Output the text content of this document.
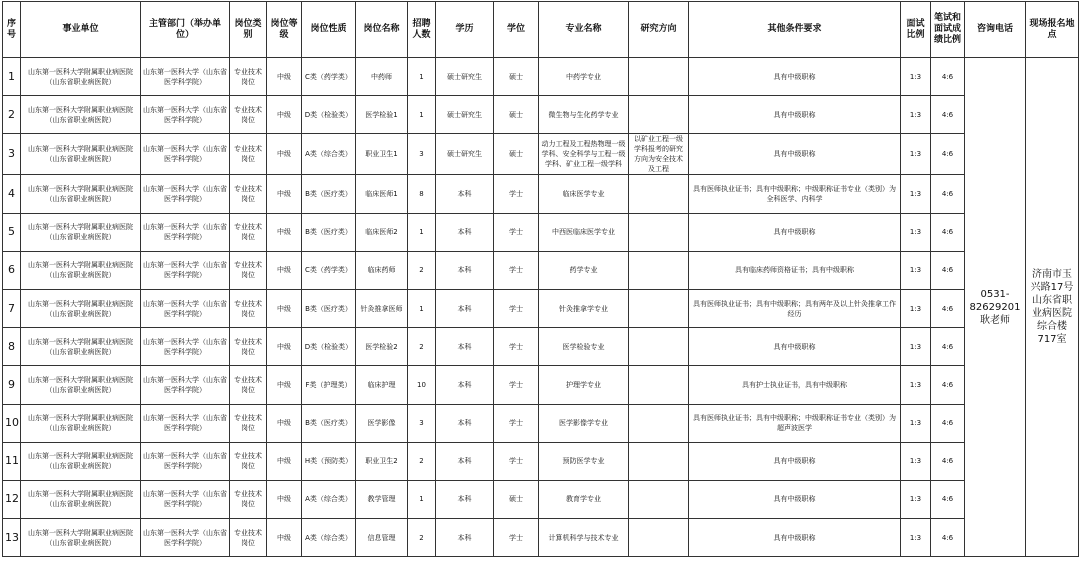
序号	事业单位	主管部门（举办单位）	岗位类别	岗位等级	岗位性质	岗位名称	招聘人数	学历	学位	专业名称	研究方向	其他条件要求	面试比例	笔试和面试成绩比例	咨询电话	现场报名地点
1	山东第一医科大学附属职业病医院（山东省职业病医院）	山东第一医科大学（山东省医学科学院）	专业技术岗位	中级	C类（药学类）	中药师	1	硕士研究生	硕士	中药学专业		具有中级职称	1:3	4:6	0531-82629201 耿老师	济南市玉兴路17号山东省职业病医院综合楼717室
2	山东第一医科大学附属职业病医院（山东省职业病医院）	山东第一医科大学（山东省医学科学院）	专业技术岗位	中级	D类（检验类）	医学检验1	1	硕士研究生	硕士	微生物与生化药学专业		具有中级职称	1:3	4:6		
3	山东第一医科大学附属职业病医院（山东省职业病医院）	山东第一医科大学（山东省医学科学院）	专业技术岗位	中级	A类（综合类）	职业卫生1	3	硕士研究生	硕士	动力工程及工程热物理一级学科、安全科学与工程一级学科、矿业工程一级学科	以矿业工程一级学科报考的研究方向为安全技术及工程	具有中级职称	1:3	4:6		
4	山东第一医科大学附属职业病医院（山东省职业病医院）	山东第一医科大学（山东省医学科学院）	专业技术岗位	中级	B类（医疗类）	临床医师1	8	本科	学士	临床医学专业		具有医师执业证书；具有中级职称；中级职称证书专业（类别）为全科医学、内科学	1:3	4:6		
5	山东第一医科大学附属职业病医院（山东省职业病医院）	山东第一医科大学（山东省医学科学院）	专业技术岗位	中级	B类（医疗类）	临床医师2	1	本科	学士	中西医临床医学专业		具有中级职称	1:3	4:6		
6	山东第一医科大学附属职业病医院（山东省职业病医院）	山东第一医科大学（山东省医学科学院）	专业技术岗位	中级	C类（药学类）	临床药师	2	本科	学士	药学专业		具有临床药师资格证书；具有中级职称	1:3	4:6		
7	山东第一医科大学附属职业病医院（山东省职业病医院）	山东第一医科大学（山东省医学科学院）	专业技术岗位	中级	B类（医疗类）	针灸推拿医师	1	本科	学士	针灸推拿学专业		具有医师执业证书；具有中级职称；具有两年及以上针灸推拿工作经历	1:3	4:6		
8	山东第一医科大学附属职业病医院（山东省职业病医院）	山东第一医科大学（山东省医学科学院）	专业技术岗位	中级	D类（检验类）	医学检验2	2	本科	学士	医学检验专业		具有中级职称	1:3	4:6		
9	山东第一医科大学附属职业病医院（山东省职业病医院）	山东第一医科大学（山东省医学科学院）	专业技术岗位	中级	F类（护理类）	临床护理	10	本科	学士	护理学专业		具有护士执业证书，具有中级职称	1:3	4:6		
10	山东第一医科大学附属职业病医院（山东省职业病医院）	山东第一医科大学（山东省医学科学院）	专业技术岗位	中级	B类（医疗类）	医学影像	3	本科	学士	医学影像学专业		具有医师执业证书；具有中级职称；中级职称证书专业（类别）为超声波医学	1:3	4:6		
11	山东第一医科大学附属职业病医院（山东省职业病医院）	山东第一医科大学（山东省医学科学院）	专业技术岗位	中级	H类（预防类）	职业卫生2	2	本科	学士	预防医学专业		具有中级职称	1:3	4:6		
12	山东第一医科大学附属职业病医院（山东省职业病医院）	山东第一医科大学（山东省医学科学院）	专业技术岗位	中级	A类（综合类）	教学管理	1	本科	硕士	教育学专业		具有中级职称	1:3	4:6		
13	山东第一医科大学附属职业病医院（山东省职业病医院）	山东第一医科大学（山东省医学科学院）	专业技术岗位	中级	A类（综合类）	信息管理	2	本科	学士	计算机科学与技术专业		具有中级职称	1:3	4:6		
